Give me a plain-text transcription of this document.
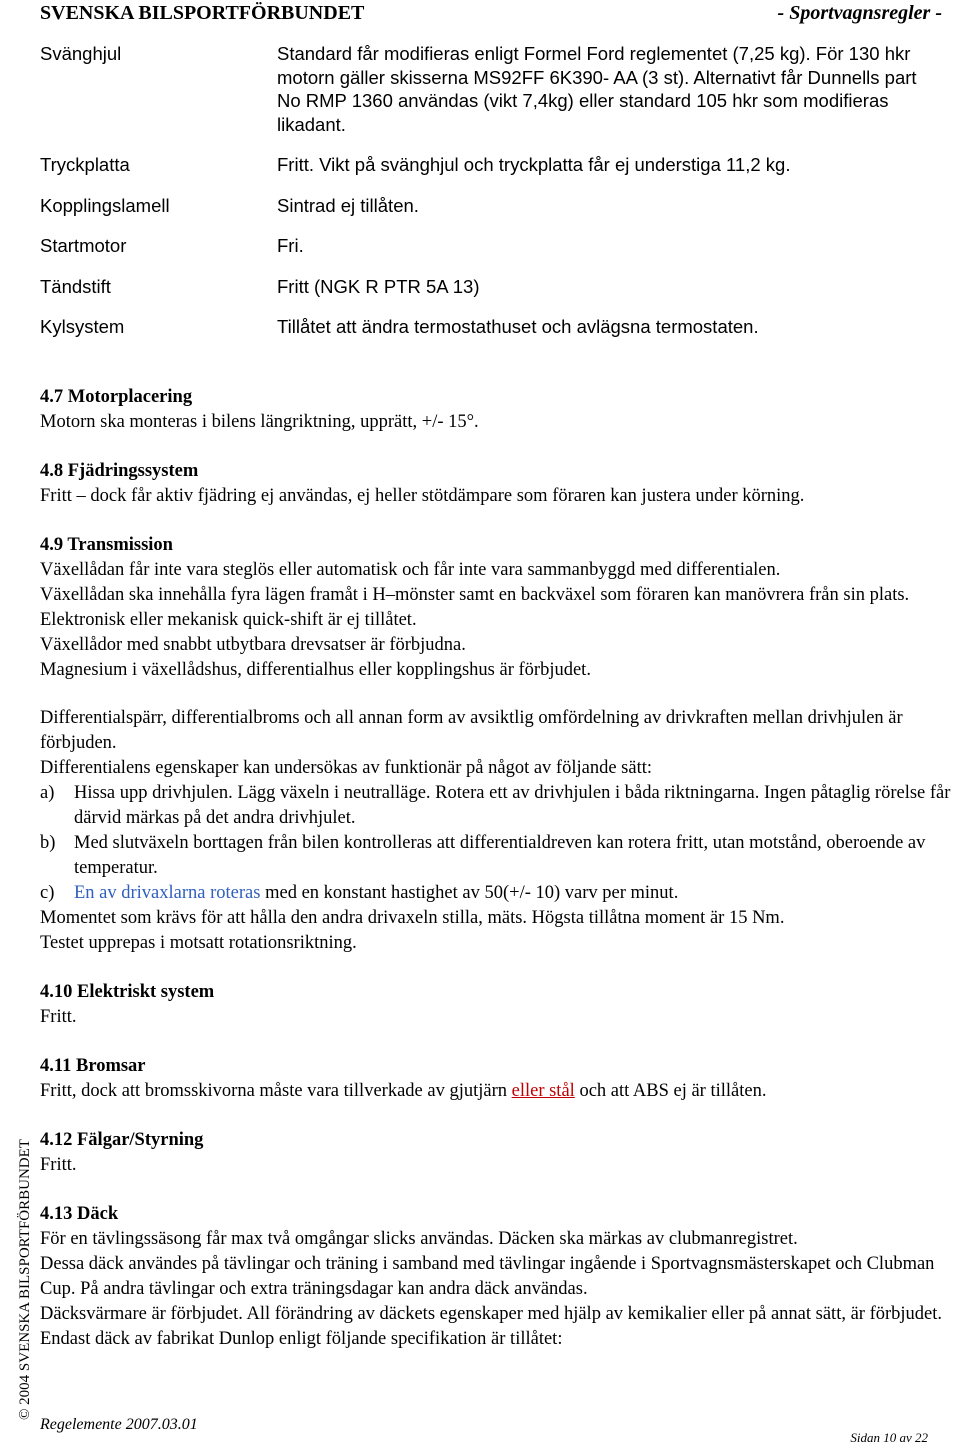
SVENSKA BILSPORTFÖRBUNDET	- Sportvagnsregler -
Svänghjul	Standard får modifieras enligt Formel Ford reglementet (7,25 kg). För 130 hkr motorn gäller skisserna MS92FF 6K390- AA (3 st). Alternativt får Dunnells part No RMP 1360 användas (vikt 7,4kg) eller standard 105 hkr som modifieras likadant.
Tryckplatta	Fritt. Vikt på svänghjul och tryckplatta får ej understiga 11,2 kg.
Kopplingslamell	Sintrad ej tillåten.
Startmotor	Fri.
Tändstift	Fritt (NGK R PTR 5A 13)
Kylsystem	Tillåtet att ändra termostathuset och avlägsna termostaten.
4.7 Motorplacering
Motorn ska monteras i bilens längriktning, upprätt, +/- 15°.
4.8 Fjädringssystem
Fritt – dock får aktiv fjädring ej användas, ej heller stötdämpare som föraren kan justera under körning.
4.9 Transmission
Växellådan får inte vara steglös eller automatisk och får inte vara sammanbyggd med differentialen.
Växellådan ska innehålla fyra lägen framåt i H–mönster samt en backväxel som föraren kan manövrera från sin plats. Elektronisk eller mekanisk quick-shift är ej tillåtet.
Växellådor med snabbt utbytbara drevsatser är förbjudna.
Magnesium i växellådshus, differentialhus eller kopplingshus är förbjudet.
Differentialspärr, differentialbroms och all annan form av avsiktlig omfördelning av drivkraften mellan drivhjulen är förbjuden.
Differentialens egenskaper kan undersökas av funktionär på något av följande sätt:
a)	Hissa upp drivhjulen. Lägg växeln i neutralläge. Rotera ett av drivhjulen i båda riktningarna. Ingen påtaglig rörelse får därvid märkas på det andra drivhjulet.
b)	Med slutväxeln borttagen från bilen kontrolleras att differentialdreven kan rotera fritt, utan motstånd, oberoende av temperatur.
c)	En av drivaxlarna roteras med en konstant hastighet av 50(+/- 10) varv per minut.
Momentet som krävs för att hålla den andra drivaxeln stilla, mäts. Högsta tillåtna moment är 15 Nm.
Testet upprepas i motsatt rotationsriktning.
4.10 Elektriskt system
Fritt.
4.11 Bromsar
Fritt, dock att bromsskivorna måste vara tillverkade av gjutjärn eller stål och att ABS ej är tillåten.
4.12 Fälgar/Styrning
Fritt.
4.13 Däck
För en tävlingssäsong får max två omgångar slicks användas. Däcken ska märkas av clubmanregistret.
Dessa däck användes på tävlingar och träning i samband med tävlingar ingående i Sportvagnsmästerskapet och Clubman Cup. På andra tävlingar och extra träningsdagar kan andra däck användas.
Däcksvärmare är förbjudet. All förändring av däckets egenskaper med hjälp av kemikalier eller på annat sätt, är förbjudet.
Endast däck av fabrikat Dunlop enligt följande specifikation är tillåtet:
© 2004 SVENSKA BILSPORTFÖRBUNDET
Regelemente 2007.03.01
Sidan 10 av 22
